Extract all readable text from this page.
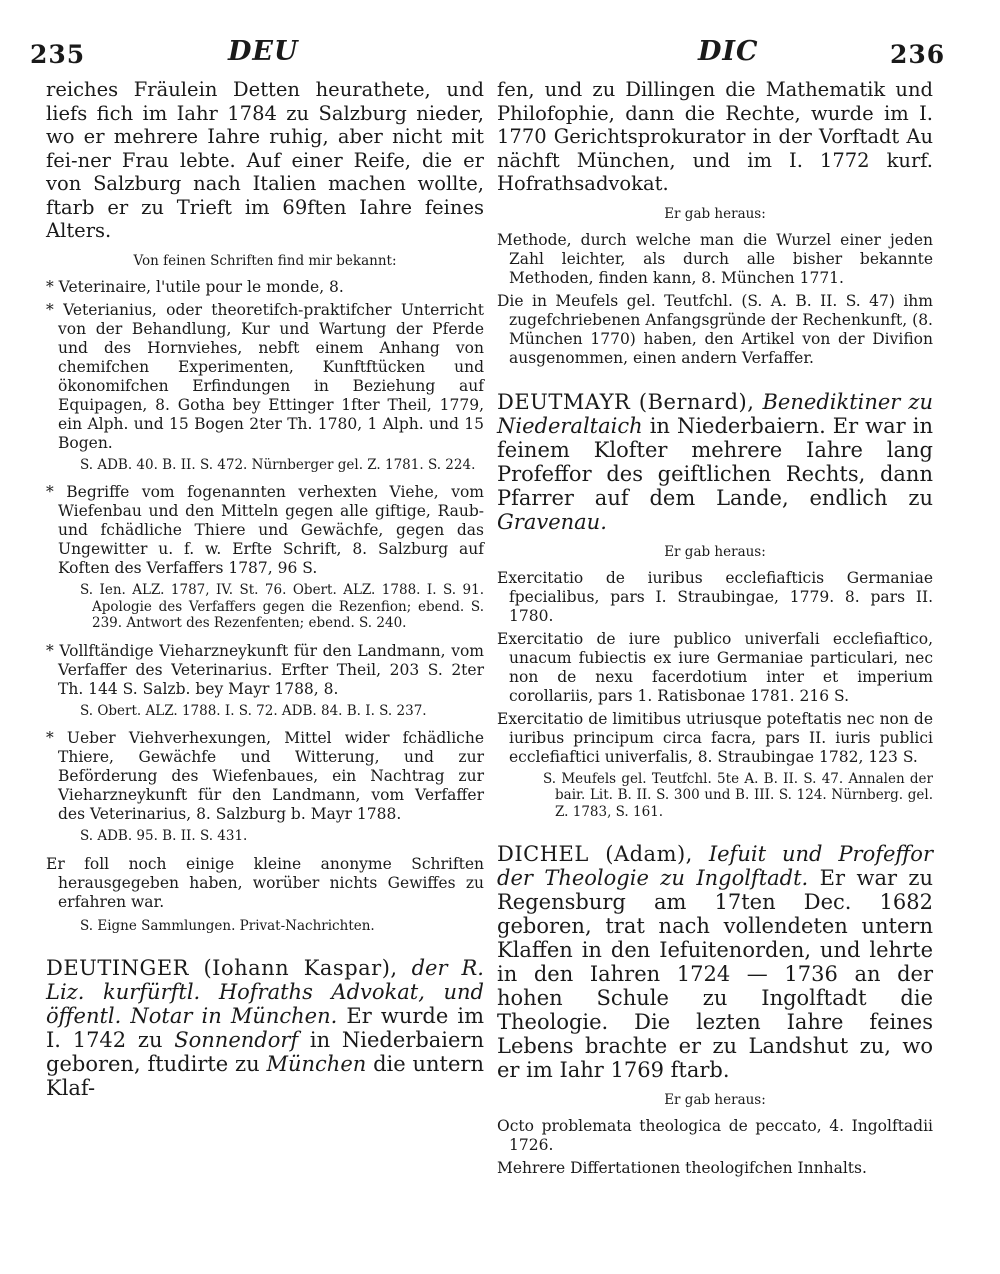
235	DEU	DIC	236

reiches Fräulein Detten heurathete, und liefs fich im Iahr 1784 zu Salzburg nieder, wo er mehrere Iahre ruhig, aber nicht mit fei-ner Frau lebte. Auf einer Reife, die er von Salzburg nach Italien machen wollte, ftarb er zu Trieft im 69ften Iahre feines Alters.

Von feinen Schriften find mir bekannt:

* Veterinaire, l'utile pour le monde, 8.

* Veterianius, oder theoretifch-praktifcher Unterricht von der Behandlung, Kur und Wartung der Pferde und des Hornviehes, nebft einem Anhang von chemifchen Experimenten, Kunftftücken und ökonomifchen Erfindungen in Beziehung auf Equipagen, 8. Gotha bey Ettinger 1fter Theil, 1779, ein Alph. und 15 Bogen 2ter Th. 1780, 1 Alph. und 15 Bogen.

S. ADB. 40. B. II. S. 472. Nürnberger gel. Z. 1781. S. 224.

* Begriffe vom fogenannten verhexten Viehe, vom Wiefenbau und den Mitteln gegen alle giftige, Raub- und fchädliche Thiere und Gewächfe, gegen das Ungewitter u. f. w. Erfte Schrift, 8. Salzburg auf Koften des Verfaffers 1787, 96 S.

S. Ien. ALZ. 1787, IV. St. 76. Obert. ALZ. 1788. I. S. 91. Apologie des Verfaffers gegen die Rezenfion; ebend. S. 239. Antwort des Rezenfenten; ebend. S. 240.

* Vollftändige Vieharzneykunft für den Landmann, vom Verfaffer des Veterinarius. Erfter Theil, 203 S. 2ter Th. 144 S. Salzb. bey Mayr 1788, 8.

S. Obert. ALZ. 1788. I. S. 72. ADB. 84. B. I. S. 237.

* Ueber Viehverhexungen, Mittel wider fchädliche Thiere, Gewächfe und Witterung, und zur Beförderung des Wiefenbaues, ein Nachtrag zur Vieharzneykunft für den Landmann, vom Verfaffer des Veterinarius, 8. Salzburg b. Mayr 1788.

S. ADB. 95. B. II. S. 431.

Er foll noch einige kleine anonyme Schriften herausgegeben haben, worüber nichts Gewiffes zu erfahren war.

S. Eigne Sammlungen. Privat-Nachrichten.

DEUTINGER (Iohann Kaspar), der R. Liz. kurfürftl. Hofraths Advokat, und öffentl. Notar in München. Er wurde im I. 1742 zu Sonnendorf in Niederbaiern geboren, ftudirte zu München die untern Klaf-

fen, und zu Dillingen die Mathematik und Philofophie, dann die Rechte, wurde im I. 1770 Gerichtsprokurator in der Vorftadt Au nächft München, und im I. 1772 kurf. Hofrathsadvokat.

Er gab heraus:

Methode, durch welche man die Wurzel einer jeden Zahl leichter, als durch alle bisher bekannte Methoden, finden kann, 8. München 1771.

Die in Meufels gel. Teutfchl. (S. A. B. II. S. 47) ihm zugefchriebenen Anfangsgründe der Rechenkunft, (8. München 1770) haben, den Artikel von der Divifion ausgenommen, einen andern Verfaffer.

DEUTMAYR (Bernard), Benediktiner zu Niederaltaich in Niederbaiern. Er war in feinem Klofter mehrere Iahre lang Profeffor des geiftlichen Rechts, dann Pfarrer auf dem Lande, endlich zu Gravenau.

Er gab heraus:

Exercitatio de iuribus ecclefiafticis Germaniae fpecialibus, pars I. Straubingae, 1779. 8. pars II. 1780.

Exercitatio de iure publico univerfali ecclefiaftico, unacum fubiectis ex iure Germaniae particulari, nec non de nexu facerdotium inter et imperium corollariis, pars 1. Ratisbonae 1781. 216 S.

Exercitatio de limitibus utriusque poteftatis nec non de iuribus principum circa facra, pars II. iuris publici ecclefiaftici univerfalis, 8. Straubingae 1782, 123 S.

S. Meufels gel. Teutfchl. 5te A. B. II. S. 47. Annalen der bair. Lit. B. II. S. 300 und B. III. S. 124. Nürnberg. gel. Z. 1783, S. 161.

DICHEL (Adam), Iefuit und Profeffor der Theologie zu Ingolftadt. Er war zu Regensburg am 17ten Dec. 1682 geboren, trat nach vollendeten untern Klaffen in den Iefuitenorden, und lehrte in den Iahren 1724 — 1736 an der hohen Schule zu Ingolftadt die Theologie. Die lezten Iahre feines Lebens brachte er zu Landshut zu, wo er im Iahr 1769 ftarb.

Er gab heraus:

Octo problemata theologica de peccato, 4. Ingolftadii 1726.

Mehrere Differtationen theologifchen Innhalts.
